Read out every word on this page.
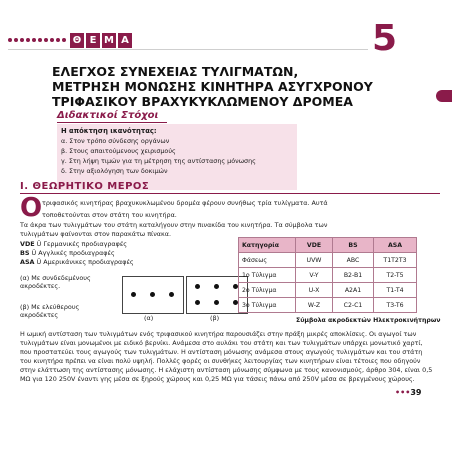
Θ Ε Μ Α	5
ΕΛΕΓΧΟΣ ΣΥΝΕΧΕΙΑΣ ΤΥΛΙΓΜΑΤΩΝ,
ΜΕΤΡΗΣΗ ΜΟΝΩΣΗΣ ΚΙΝΗΤΗΡΑ ΑΣΥΓΧΡΟΝΟΥ
ΤΡΙΦΑΣΙΚΟΥ ΒΡΑΧΥΚΥΚΛΩΜΕΝΟΥ ΔΡΟΜΕΑ
Διδακτικοί Στόχοι
Η απόκτηση ικανότητας:
α. Στον τρόπο σύνδεσης οργάνων
β. Στους απαιτούμενους χειρισμούς
γ. Στη λήψη τιμών για τη μέτρηση της αντίστασης μόνωσης
δ. Στην αξιολόγηση των δοκιμών
Ι. ΘΕΩΡΗΤΙΚΟ ΜΕΡΟΣ
Ο τριφασικός κινητήρας βραχυκυκλωμένου δρομέα φέρουν συνήθως τρία τυλίγματα. Αυτά
τοποθετούνται στον στάτη του κινητήρα.
Τα άκρα των τυλιγμάτων του στάτη καταλήγουν στην πινακίδα του κινητήρα. Τα σύμβολα των
τυλιγμάτων φαίνονται στον παρακάτω πίνακα.
VDE Ü Γερμανικές προδιαγραφές
BS Ü Αγγλικές προδιαγραφές
ASA Ü Αμερικάνικες προδιαγραφές
(α) Με συνδεδεμένους
ακροδέκτες.
(β) Με ελεύθερους
ακροδέκτες	(α)	(β)
Κατηγορία	VDE	BS	ASA
Φάσεως	UVW	ABC	T1T2T3
1ο Τύλιγμα	V-Y	B2-B1	T2-T5
2ο Τύλιγμα	U-X	A2A1	T1-T4
3ο Τύλιγμα	W-Z	C2-C1	T3-T6
Σύμβολα ακροδεκτών Ηλεκτροκινήτηρων
Η ωμική αντίσταση των τυλιγμάτων ενός τριφασικού κινητήρα παρουσιάζει στην πράξη μικρές αποκλίσεις. Οι αγωγοί των τυλιγμάτων είναι μονωμένοι με ειδικό βερνίκι. Ανάμεσα στο αυλάκι του στάτη και των τυλιγμάτων υπάρχει μονωτικό χαρτί, που προστατεύει τους αγωγούς των τυλιγμάτων. Η αντίσταση μόνωσης ανάμεσα στους αγωγούς τυλιγμάτων και του στάτη του κινητήρα πρέπει να είναι πολύ υψηλή. Πολλές φορές οι συνθήκες λειτουργίας των κινητήρων είναι τέτοιες που οδηγούν στην ελάττωση της αντίστασης μόνωσης. Η ελάχιστη αντίσταση μόνωσης σύμφωνα με τους κανονισμούς, άρθρο 304, είναι 0,5 ΜΩ για 120 250V έναντι γης μέσα σε ξηρούς χώρους και 0,25 ΜΩ για τάσεις πάνω από 250V μέσα σε βρεγμένους χώρους.
•••39
